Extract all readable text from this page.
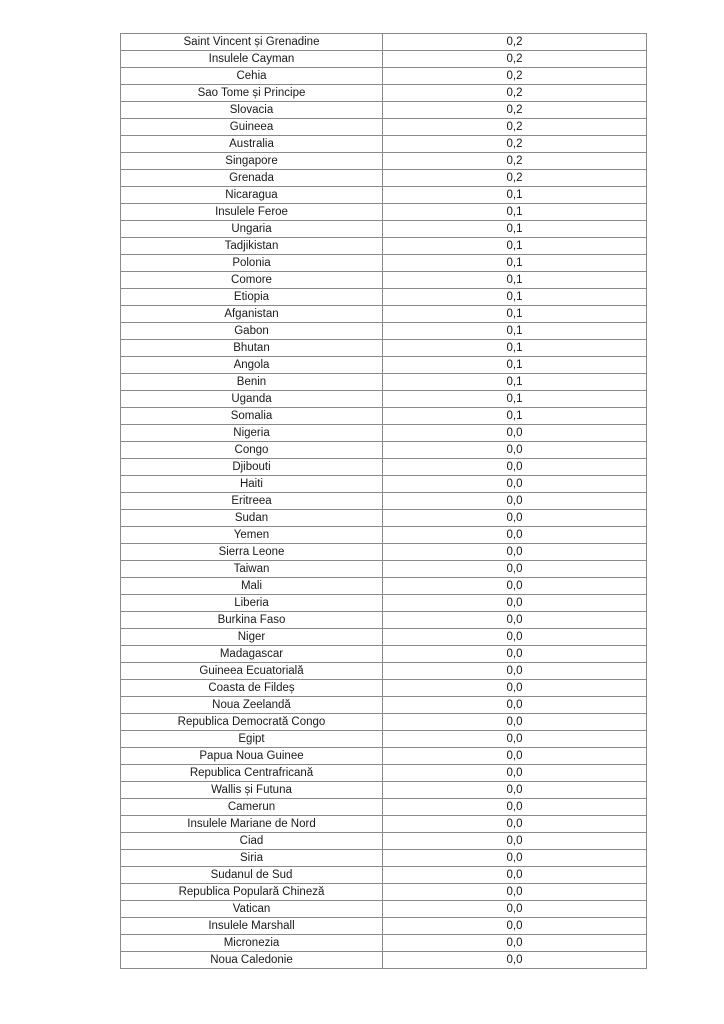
Saint Vincent și Grenadine	0,2
Insulele Cayman	0,2
Cehia	0,2
Sao Tome și Principe	0,2
Slovacia	0,2
Guineea	0,2
Australia	0,2
Singapore	0,2
Grenada	0,2
Nicaragua	0,1
Insulele Feroe	0,1
Ungaria	0,1
Tadjikistan	0,1
Polonia	0,1
Comore	0,1
Etiopia	0,1
Afganistan	0,1
Gabon	0,1
Bhutan	0,1
Angola	0,1
Benin	0,1
Uganda	0,1
Somalia	0,1
Nigeria	0,0
Congo	0,0
Djibouti	0,0
Haiti	0,0
Eritreea	0,0
Sudan	0,0
Yemen	0,0
Sierra Leone	0,0
Taiwan	0,0
Mali	0,0
Liberia	0,0
Burkina Faso	0,0
Niger	0,0
Madagascar	0,0
Guineea Ecuatorială	0,0
Coasta de Fildeș	0,0
Noua Zeelandă	0,0
Republica Democrată Congo	0,0
Egipt	0,0
Papua Noua Guinee	0,0
Republica Centrafricană	0,0
Wallis și Futuna	0,0
Camerun	0,0
Insulele Mariane de Nord	0,0
Ciad	0,0
Siria	0,0
Sudanul de Sud	0,0
Republica Populară Chineză	0,0
Vatican	0,0
Insulele Marshall	0,0
Micronezia	0,0
Noua Caledonie	0,0
